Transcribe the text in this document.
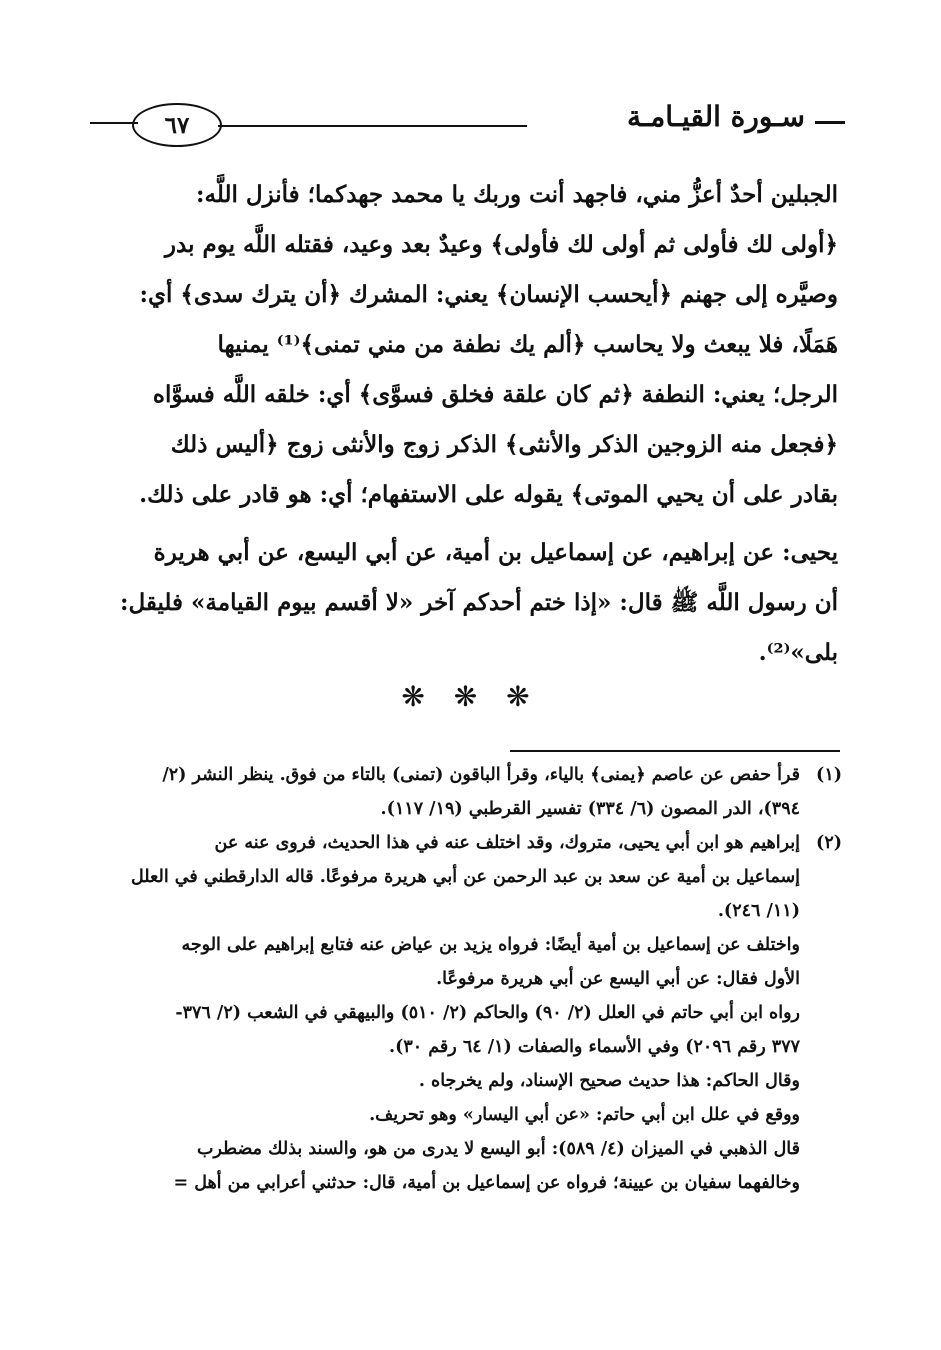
سـورة القيـامـة
٦٧

الجبلين أحدٌ أعزُّ مني، فاجهد أنت وربك يا محمد جهدكما؛ فأنزل اللَّه:

﴿أولى لك فأولى ثم أولى لك فأولى﴾ وعيدٌ بعد وعيد، فقتله اللَّه يوم بدر

وصيَّره إلى جهنم ﴿أيحسب الإنسان﴾ يعني: المشرك ﴿أن يترك سدى﴾ أي:

هَمَلًا، فلا يبعث ولا يحاسب ﴿ألم يك نطفة من مني تمنى﴾⁽¹⁾ يمنيها

الرجل؛ يعني: النطفة ﴿ثم كان علقة فخلق فسوَّى﴾ أي: خلقه اللَّه فسوَّاه

﴿فجعل منه الزوجين الذكر والأنثى﴾ الذكر زوج والأنثى زوج ﴿أليس ذلك

بقادر على أن يحيي الموتى﴾ يقوله على الاستفهام؛ أي: هو قادر على ذلك.

يحيى: عن إبراهيم، عن إسماعيل بن أمية، عن أبي اليسع، عن أبي هريرة

أن رسول اللَّه ﷺ قال: «إذا ختم أحدكم آخر «لا أقسم بيوم القيامة» فليقل:

بلى»⁽²⁾.

❋ ❋ ❋
(١)

قرأ حفص عن عاصم ﴿يمنى﴾ بالياء، وقرأ الباقون (تمنى) بالتاء من فوق. ينظر النشر (٢/

٣٩٤)، الدر المصون (٦/ ٣٣٤) تفسير القرطبي (١٩/ ١١٧).

(٢)

إبراهيم هو ابن أبي يحيى، متروك، وقد اختلف عنه في هذا الحديث، فروى عنه عن

إسماعيل بن أمية عن سعد بن عبد الرحمن عن أبي هريرة مرفوعًا. قاله الدارقطني في العلل

(١١/ ٢٤٦).

واختلف عن إسماعيل بن أمية أيضًا: فرواه يزيد بن عياض عنه فتابع إبراهيم على الوجه

الأول فقال: عن أبي اليسع عن أبي هريرة مرفوعًا.

رواه ابن أبي حاتم في العلل (٢/ ٩٠) والحاكم (٢/ ٥١٠) والبيهقي في الشعب (٢/ ٣٧٦-

٣٧٧ رقم ٢٠٩٦) وفي الأسماء والصفات (١/ ٦٤ رقم ٣٠).

وقال الحاكم: هذا حديث صحيح الإسناد، ولم يخرجاه .

ووقع في علل ابن أبي حاتم: «عن أبي اليسار» وهو تحريف.

قال الذهبي في الميزان (٤/ ٥٨٩): أبو اليسع لا يدرى من هو، والسند بذلك مضطرب

وخالفهما سفيان بن عيينة؛ فرواه عن إسماعيل بن أمية، قال: حدثني أعرابي من أهل =
